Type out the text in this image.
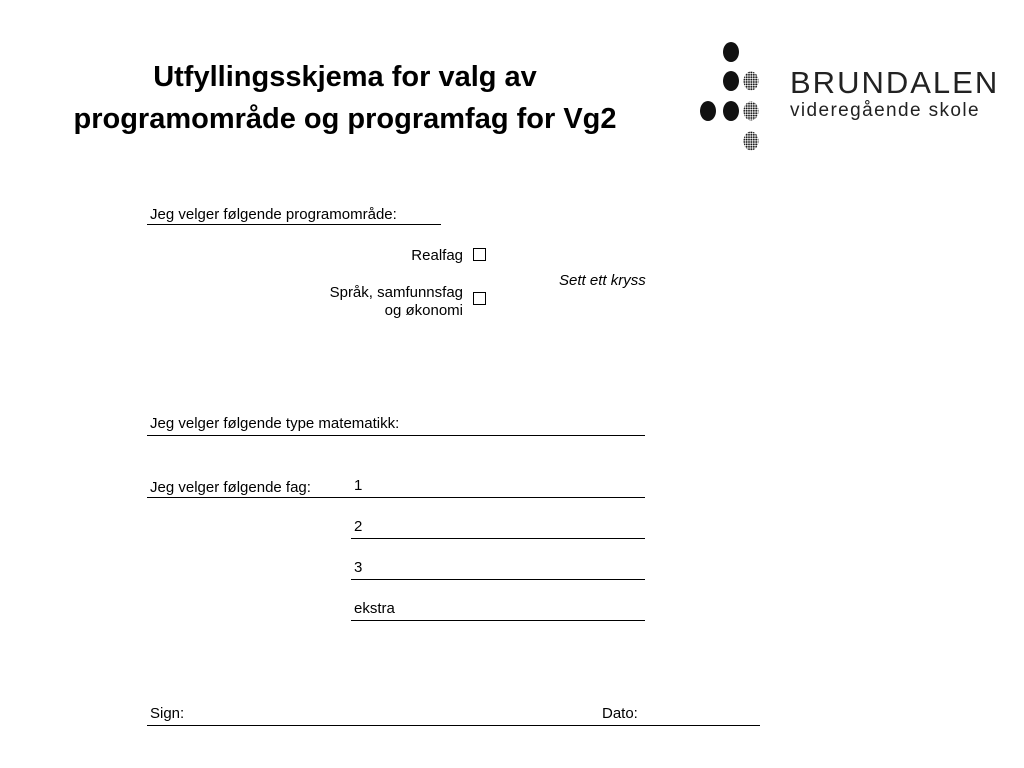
Utfyllingsskjema for valg av
programområde og programfag for Vg2
BRUNDALEN
videregående skole
Jeg velger følgende programområde:
Realfag
Språk, samfunnsfag
og økonomi
Sett ett kryss
Jeg velger følgende type matematikk:
Jeg velger følgende fag:	1
2
3
ekstra
Sign:	Dato:
